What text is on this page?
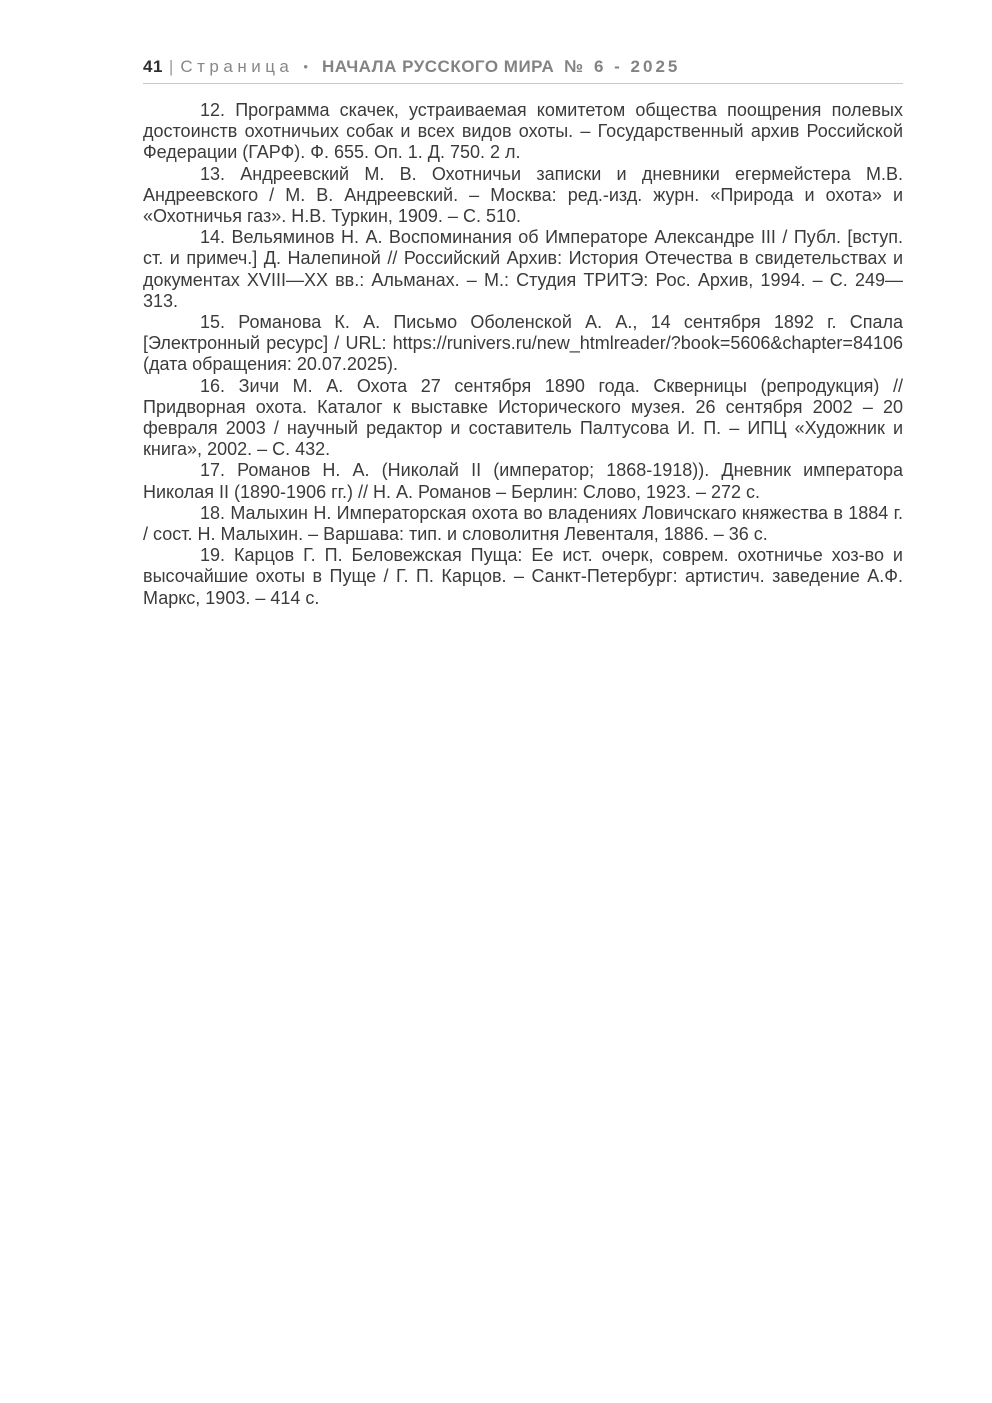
41 | Страница • НАЧАЛА РУССКОГО МИРА № 6 - 2025

12. Программа скачек, устраиваемая комитетом общества поощрения полевых достоинств охотничьих собак и всех видов охоты. – Государственный архив Российской Федерации (ГАРФ). Ф. 655. Оп. 1. Д. 750. 2 л.

13. Андреевский М. В. Охотничьи записки и дневники егермейстера М.В. Андреевского / М. В. Андреевский. – Москва: ред.-изд. журн. «Природа и охота» и «Охотничья газ». Н.В. Туркин, 1909. – С. 510.

14. Вельяминов Н. А. Воспоминания об Императоре Александре III / Публ. [вступ. ст. и примеч.] Д. Налепиной // Российский Архив: История Отечества в свидетельствах и документах XVIII—XX вв.: Альманах. – М.: Студия ТРИТЭ: Рос. Архив, 1994. – С. 249—313.

15. Романова К. А. Письмо Оболенской А. А., 14 сентября 1892 г. Спала [Электронный ресурс] / URL: https://runivers.ru/new_htmlreader/?book=5606&chapter=84106 (дата обращения: 20.07.2025).

16. Зичи М. А. Охота 27 сентября 1890 года. Скверницы (репродукция) // Придворная охота. Каталог к выставке Исторического музея. 26 сентября 2002 – 20 февраля 2003 / научный редактор и составитель Палтусова И. П. – ИПЦ «Художник и книга», 2002. – С. 432.

17. Романов Н. А. (Николай II (император; 1868-1918)). Дневник императора Николая II (1890-1906 гг.) // Н. А. Романов – Берлин: Слово, 1923. – 272 с.

18. Малыхин Н. Императорская охота во владениях Ловичскаго княжества в 1884 г. / сост. Н. Малыхин. – Варшава: тип. и словолитня Левенталя, 1886. – 36 с.

19. Карцов Г. П. Беловежская Пуща: Ее ист. очерк, соврем. охотничье хоз-во и высочайшие охоты в Пуще / Г. П. Карцов. – Санкт-Петербург: артистич. заведение А.Ф. Маркс, 1903. – 414 с.
